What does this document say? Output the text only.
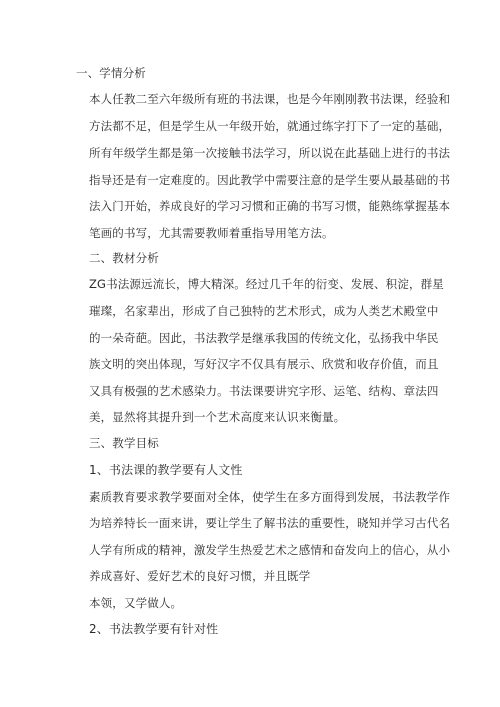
一、学情分析
本人任教二至六年级所有班的书法课，也是今年刚刚教书法课，经验和
方法都不足，但是学生从一年级开始，就通过练字打下了一定的基础，
所有年级学生都是第一次接触书法学习，所以说在此基础上进行的书法
指导还是有一定难度的。因此教学中需要注意的是学生要从最基础的书
法入门开始，养成良好的学习习惯和正确的书写习惯，能熟练掌握基本
笔画的书写，尤其需要教师着重指导用笔方法。
二、教材分析
ZG书法源远流长，博大精深。经过几千年的衍变、发展、积淀，群星
璀璨，名家辈出，形成了自己独特的艺术形式，成为人类艺术殿堂中
的一朵奇葩。因此，书法教学是继承我国的传统文化，弘扬我中华民
族文明的突出体现，写好汉字不仅具有展示、欣赏和收存价值，而且
又具有极强的艺术感染力。书法课要讲究字形、运笔、结构、章法四
美，显然将其提升到一个艺术高度来认识来衡量。
三、教学目标
1、书法课的教学要有人文性
素质教育要求教学要面对全体，使学生在多方面得到发展，书法教学作
为培养特长一面来讲，要让学生了解书法的重要性，晓知并学习古代名
人学有所成的精神，激发学生热爱艺术之感情和奋发向上的信心，从小
养成喜好、爱好艺术的良好习惯，并且既学
本领，又学做人。
2、书法教学要有针对性
